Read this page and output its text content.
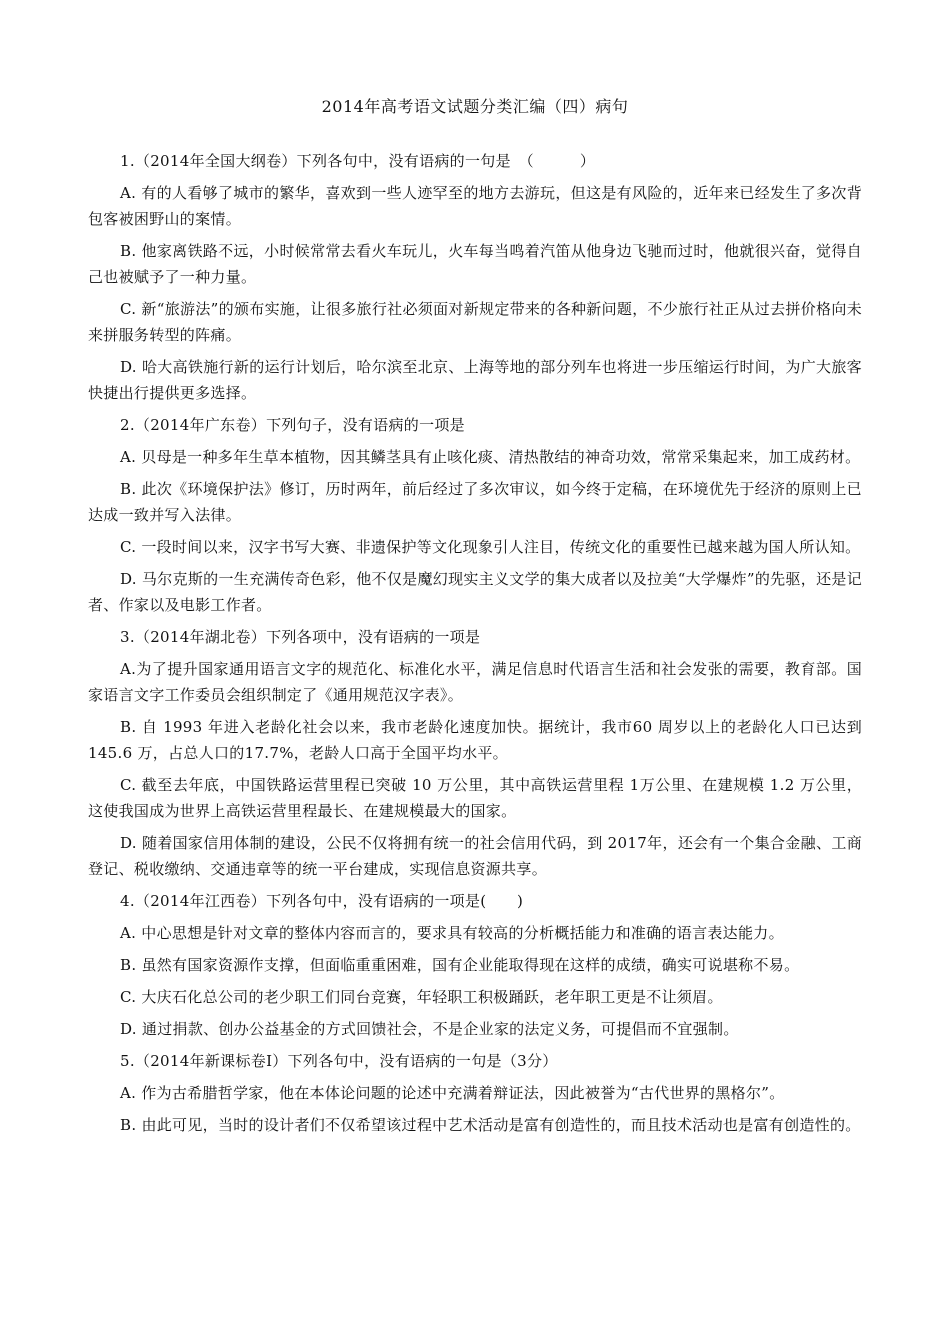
2014年高考语文试题分类汇编（四）病句

1.（2014年全国大纲卷）下列各句中，没有语病的一句是　（　　　）

A. 有的人看够了城市的繁华，喜欢到一些人迹罕至的地方去游玩，但这是有风险的，近年来已经发生了多次背包客被困野山的案情。

B. 他家离铁路不远，小时候常常去看火车玩儿，火车每当鸣着汽笛从他身边飞驰而过时，他就很兴奋，觉得自己也被赋予了一种力量。

C. 新“旅游法”的颁布实施，让很多旅行社必须面对新规定带来的各种新问题，不少旅行社正从过去拼价格向未来拼服务转型的阵痛。

D. 哈大高铁施行新的运行计划后，哈尔滨至北京、上海等地的部分列车也将进一步压缩运行时间，为广大旅客快捷出行提供更多选择。

2.（2014年广东卷）下列句子，没有语病的一项是

A. 贝母是一种多年生草本植物，因其鳞茎具有止咳化痰、清热散结的神奇功效，常常采集起来，加工成药材。

B. 此次《环境保护法》修订，历时两年，前后经过了多次审议，如今终于定稿，在环境优先于经济的原则上已达成一致并写入法律。

C. 一段时间以来，汉字书写大赛、非遗保护等文化现象引人注目，传统文化的重要性已越来越为国人所认知。

D. 马尔克斯的一生充满传奇色彩，他不仅是魔幻现实主义文学的集大成者以及拉美“大学爆炸”的先驱，还是记者、作家以及电影工作者。

3.（2014年湖北卷）下列各项中，没有语病的一项是

A.为了提升国家通用语言文字的规范化、标准化水平，满足信息时代语言生活和社会发张的需要，教育部。国家语言文字工作委员会组织制定了《通用规范汉字表》。

B. 自 1993 年进入老龄化社会以来，我市老龄化速度加快。据统计，我市60 周岁以上的老龄化人口已达到 145.6 万，占总人口的17.7%，老龄人口高于全国平均水平。

C. 截至去年底，中国铁路运营里程已突破 10 万公里，其中高铁运营里程 1万公里、在建规模 1.2 万公里，这使我国成为世界上高铁运营里程最长、在建规模最大的国家。

D. 随着国家信用体制的建设，公民不仅将拥有统一的社会信用代码，到 2017年，还会有一个集合金融、工商登记、税收缴纳、交通违章等的统一平台建成，实现信息资源共享。

4.（2014年江西卷）下列各句中，没有语病的一项是(　　)

A. 中心思想是针对文章的整体内容而言的，要求具有较高的分析概括能力和准确的语言表达能力。

B. 虽然有国家资源作支撑，但面临重重困难，国有企业能取得现在这样的成绩，确实可说堪称不易。

C. 大庆石化总公司的老少职工们同台竞赛，年轻职工积极踊跃，老年职工更是不让须眉。

D. 通过捐款、创办公益基金的方式回馈社会，不是企业家的法定义务，可提倡而不宜强制。

5.（2014年新课标卷Ⅰ）下列各句中，没有语病的一句是（3分）

A. 作为古希腊哲学家，他在本体论问题的论述中充满着辩证法，因此被誉为“古代世界的黑格尔”。

B. 由此可见，当时的设计者们不仅希望该过程中艺术活动是富有创造性的，而且技术活动也是富有创造性的。
